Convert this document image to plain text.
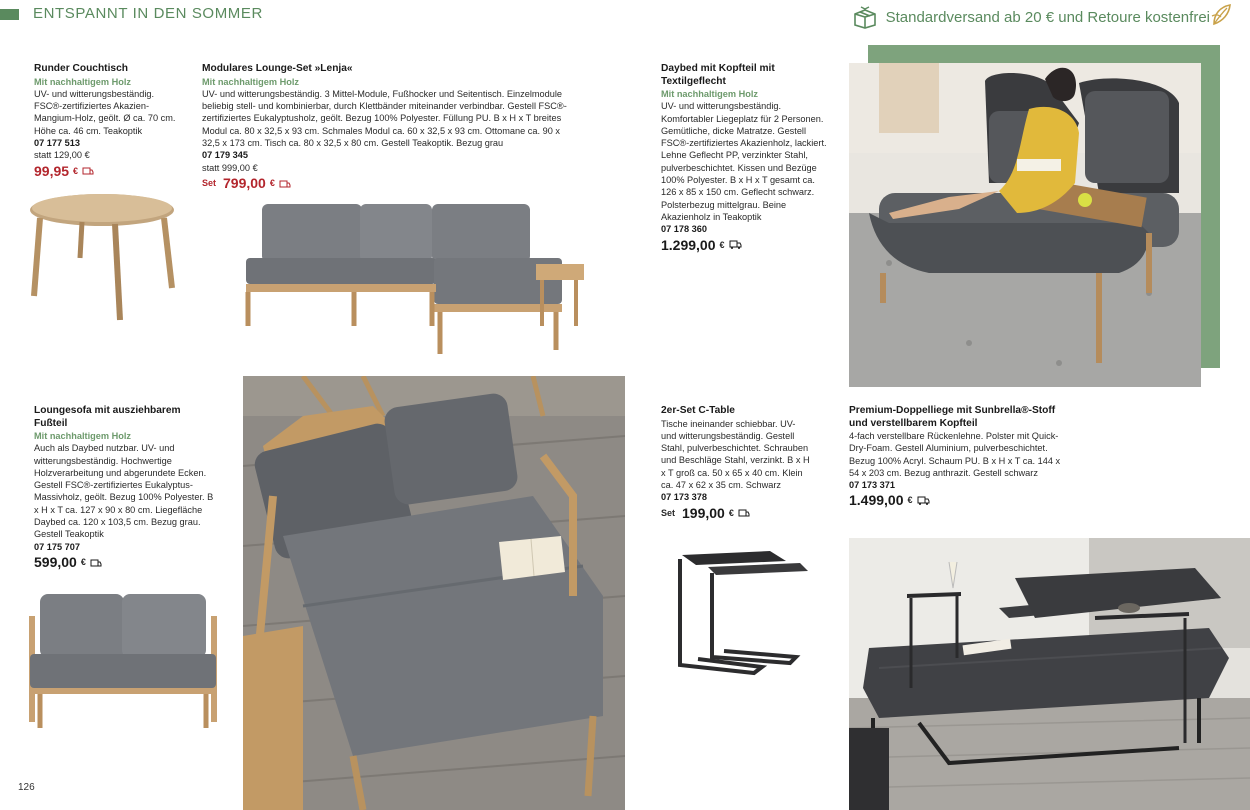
ENTSPANNT IN DEN SOMMER	Standardversand ab 20 € und Retoure kostenfrei
Runder Couchtisch
Mit nachhaltigem Holz
UV- und witterungsbeständig. FSC®-zertifiziertes Akazien-Mangium-Holz, geölt. Ø ca. 70 cm. Höhe ca. 46 cm. Teakoptik
07 177 513
statt 129,00 €
99,95 €
Modulares Lounge-Set »Lenja«
Mit nachhaltigem Holz
UV- und witterungsbeständig. 3 Mittel-Module, Fußhocker und Seitentisch. Einzelmodule beliebig stell- und kombinierbar, durch Klettbänder miteinander verbindbar. Gestell FSC®-zertifiziertes Eukalyptusholz, geölt. Bezug 100% Polyester. Füllung PU. B x H x T breites Modul ca. 80 x 32,5 x 93 cm. Schmales Modul ca. 60 x 32,5 x 93 cm. Ottomane ca. 90 x 32,5 x 173 cm. Tisch ca. 80 x 32,5 x 80 cm. Gestell Teakoptik. Bezug grau
07 179 345
statt 999,00 €
Set 799,00 €
Daybed mit Kopfteil mit Textilgeflecht
Mit nachhaltigem Holz
UV- und witterungsbeständig. Komfortabler Liegeplatz für 2 Personen. Gemütliche, dicke Matratze. Gestell FSC®-zertifiziertes Akazienholz, lackiert. Lehne Geflecht PP, verzinkter Stahl, pulverbeschichtet. Kissen und Bezüge 100% Polyester. B x H x T gesamt ca. 126 x 85 x 150 cm. Geflecht schwarz. Polsterbezug mittelgrau. Beine Akazienholz in Teakoptik
07 178 360
1.299,00 €
Loungesofa mit ausziehbarem Fußteil
Mit nachhaltigem Holz
Auch als Daybed nutzbar. UV- und witterungsbeständig. Hochwertige Holzverarbeitung und abgerundete Ecken. Gestell FSC®-zertifiziertes Eukalyptus-Massivholz, geölt. Bezug 100% Polyester. B x H x T ca. 127 x 90 x 80 cm. Liegefläche Daybed ca. 120 x 103,5 cm. Bezug grau. Gestell Teakoptik
07 175 707
599,00 €
2er-Set C-Table
Tische ineinander schiebbar. UV- und witterungsbeständig. Gestell Stahl, pulverbeschichtet. Schrauben und Beschläge Stahl, verzinkt. B x H x T groß ca. 50 x 65 x 40 cm. Klein ca. 47 x 62 x 35 cm. Schwarz
07 173 378
Set 199,00 €
Premium-Doppelliege mit Sunbrella®-Stoff und verstellbarem Kopfteil
4-fach verstellbare Rückenlehne. Polster mit Quick-Dry-Foam. Gestell Aluminium, pulverbeschichtet. Bezug 100% Acryl. Schaum PU. B x H x T ca. 144 x 54 x 203 cm. Bezug anthrazit. Gestell schwarz
07 173 371
1.499,00 €
126
